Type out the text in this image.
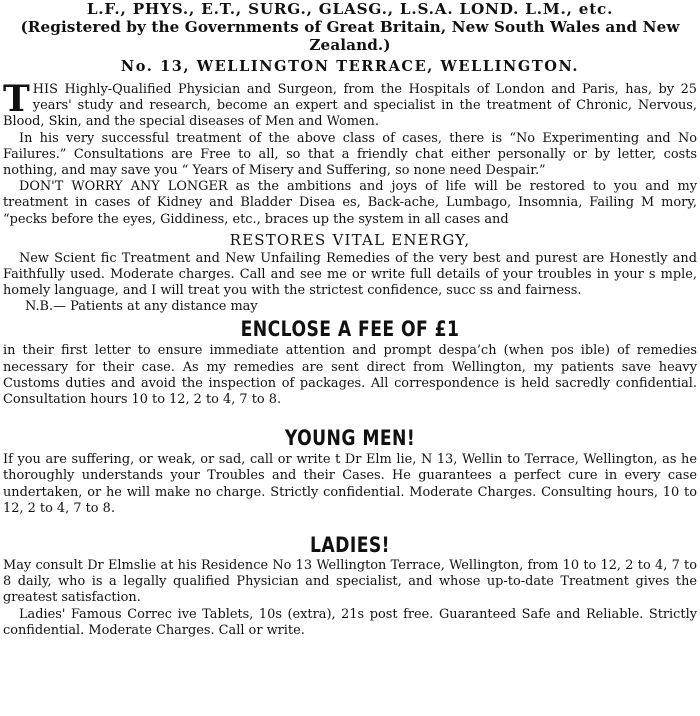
L.F., PHYS., E.T., SURG., GLASG., L.S.A. LOND. L.M., etc.
(Registered by the Governments of Great Britain, New South Wales and New Zealand.)
No. 13, WELLINGTON TERRACE, WELLINGTON.

THIS Highly-Qualified Physician and Surgeon, from the Hospitals of London and Paris, has, by 25 years' study and research, become an expert and specialist in the treatment of Chronic, Nervous, Blood, Skin, and the special diseases of Men and Women.

In his very successful treatment of the above class of cases, there is “No Experimenting and No Failures.” Consultations are Free to all, so that a friendly chat either personally or by letter, costs nothing, and may save you “ Years of Misery and Suffering, so none need Despair.”

DON'T WORRY ANY LONGER as the ambitions and joys of life will be restored to you and my treatment in cases of Kidney and Bladder Disea es, Back-ache, Lumbago, Insomnia, Failing M mory, “pecks before the eyes, Giddiness, etc., braces up the system in all cases and

RESTORES VITAL ENERGY,

New Scient fic Treatment and New Unfailing Remedies of the very best and purest are Honestly and Faithfully used. Moderate charges. Call and see me or write full details of your troubles in your s mple, homely language, and I will treat you with the strictest confidence, succ ss and fairness.

N.B.— Patients at any distance may

ENCLOSE A FEE OF £1

in their first letter to ensure immediate attention and prompt despa’ch (when pos ible) of remedies necessary for their case. As my remedies are sent direct from Wellington, my patients save heavy Customs duties and avoid the inspection of packages. All correspondence is held sacredly confidential. Consultation hours 10 to 12, 2 to 4, 7 to 8.

YOUNG MEN!

If you are suffering, or weak, or sad, call or write t Dr Elm lie, N 13, Wellin to Terrace, Wellington, as he thoroughly understands your Troubles and their Cases. He guarantees a perfect cure in every case undertaken, or he will make no charge. Strictly confidential. Moderate Charges. Consulting hours, 10 to 12, 2 to 4, 7 to 8.

LADIES!

May consult Dr Elmslie at his Residence No 13 Wellington Terrace, Wellington, from 10 to 12, 2 to 4, 7 to 8 daily, who is a legally qualified Physician and specialist, and whose up-to-date Treatment gives the greatest satisfaction.

Ladies' Famous Correc ive Tablets, 10s (extra), 21s post free. Guaranteed Safe and Reliable. Strictly confidential. Moderate Charges. Call or write.
